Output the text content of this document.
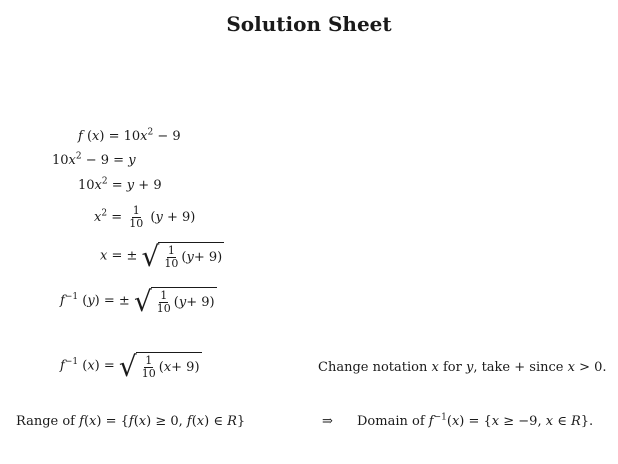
Solution Sheet
f $(x) = 10x^2 - 9$
$10x^2 - 9 = y$
$10x^2 = y + 9$
$x^2 = \frac{1}{10} (y + 9)$
x = ± √ $\frac{1}{10}$ ( y + 9)
$f^{-1}$ (y) = ± √ $\frac{1}{10}$ ( y + 9)
$f^{-1}$ (x) = √ $\frac{1}{10}$ ( x + 9)	Change notation x for y, take + since x > 0.
Range of f(x) = {f(x) ≥ 0, f(x) ∈ R}	⇒ Domain of $f^{-1}(x) = \{x \ge -9$, x ∈ R}.
